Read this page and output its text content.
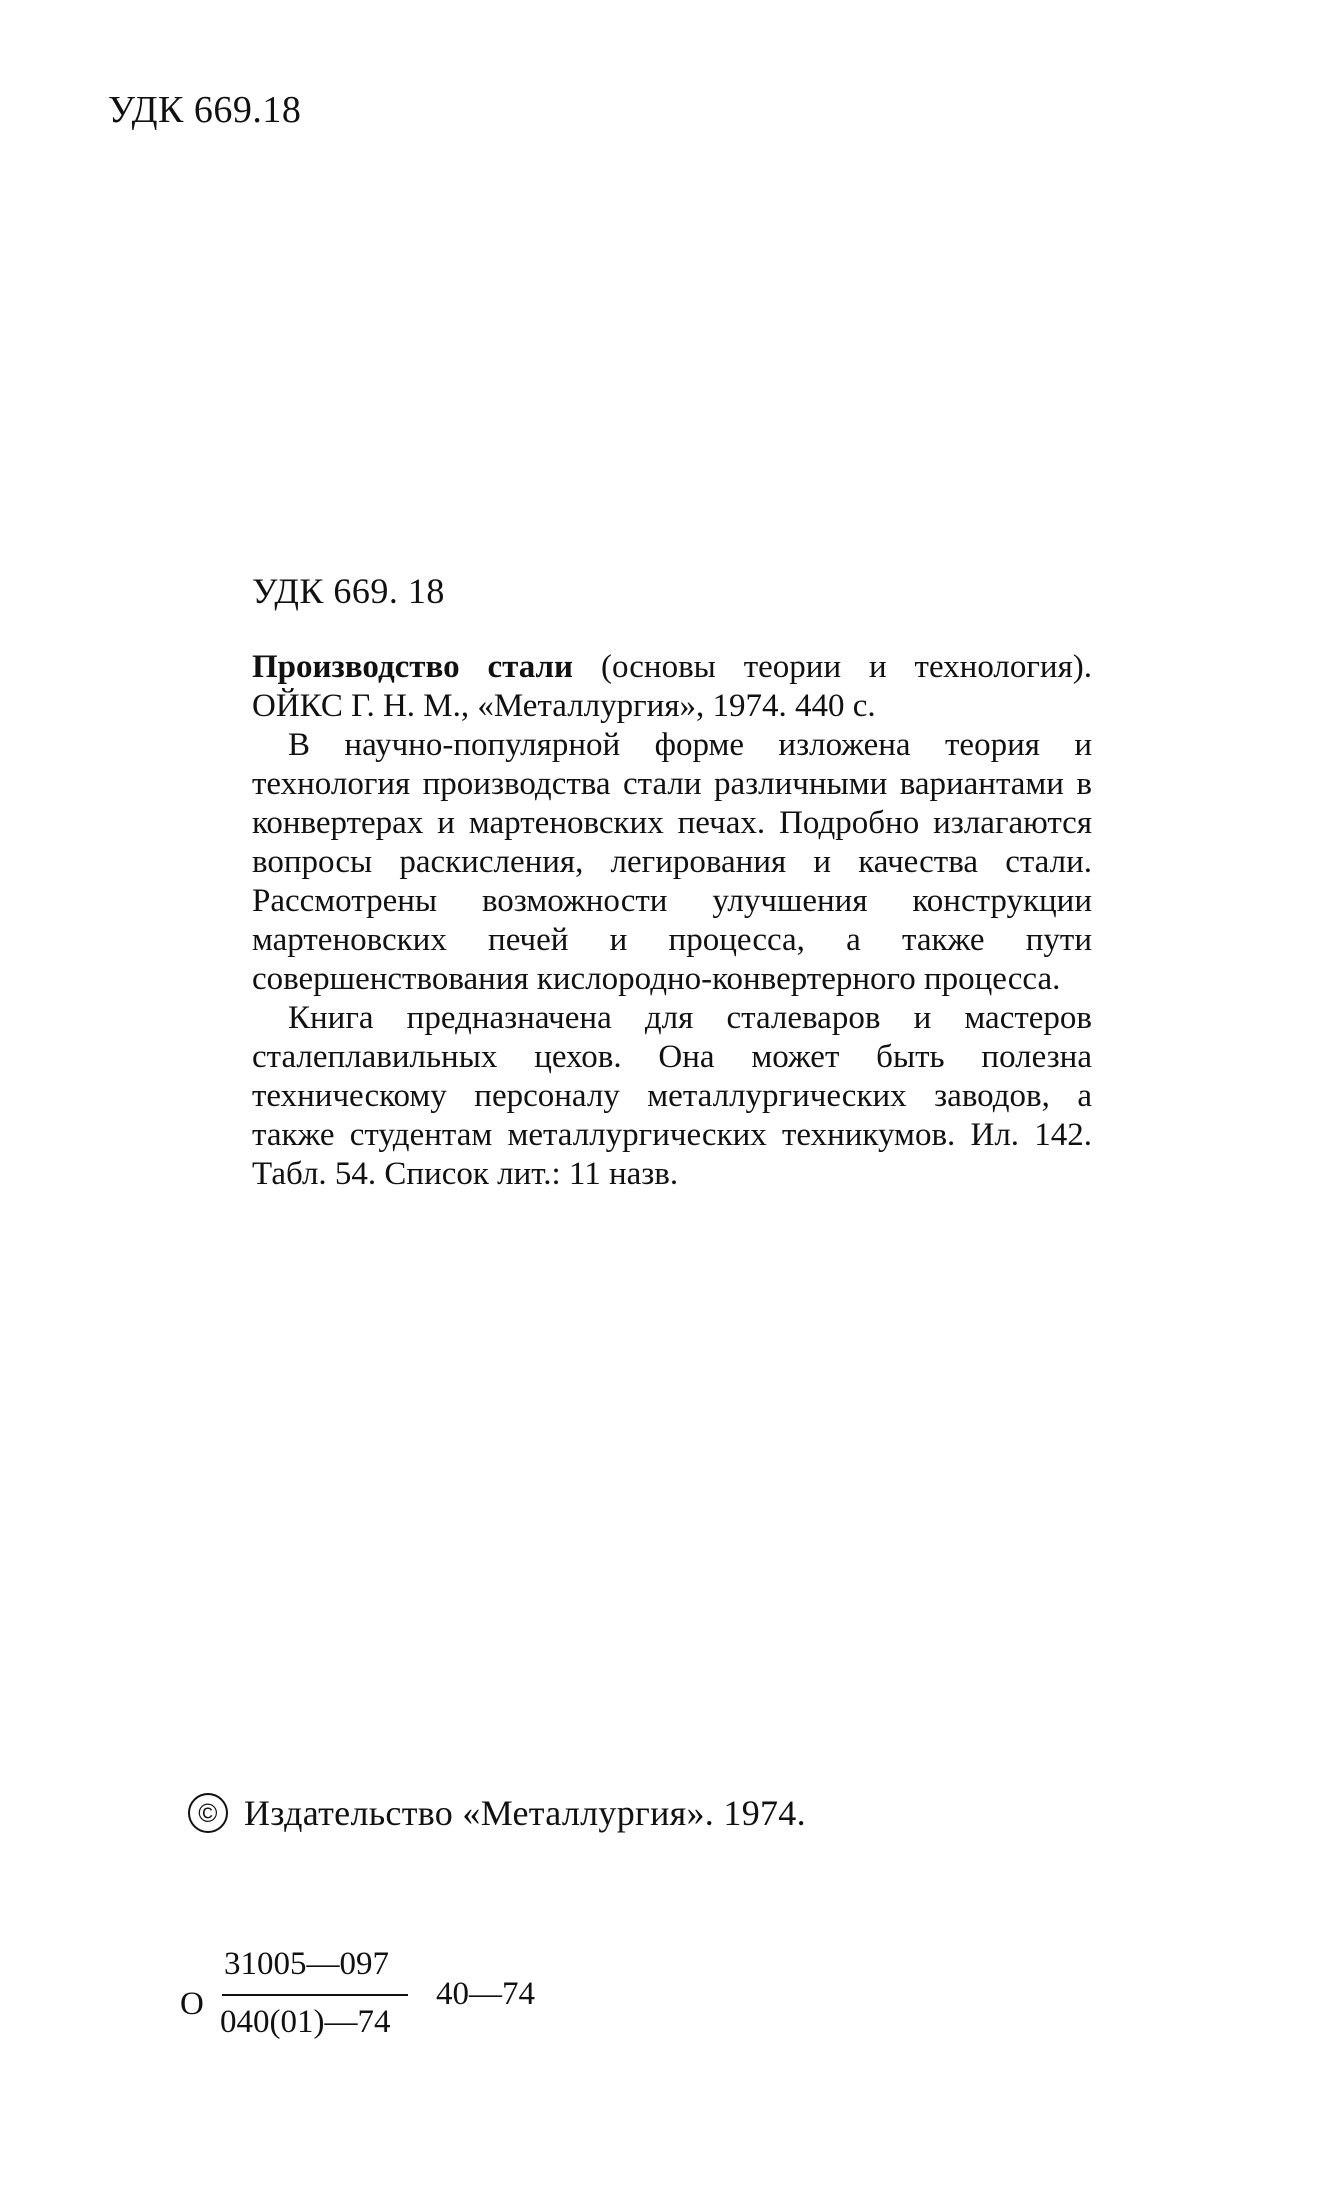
УДК 669.18
УДК 669. 18

Производство стали (основы теории и технология). ОЙКС Г. Н. М., «Металлургия», 1974. 440 с.

В научно-популярной форме изложена теория и технология производства стали различными вариантами в конвертерах и мартеновских печах. Подробно излагаются вопросы раскисления, легирования и качества стали. Рассмотрены возможности улучшения конструкции мартеновских печей и процесса, а также пути совершенствования кислородно-конвертерного процесса.

Книга предназначена для сталеваров и мастеров сталеплавильных цехов. Она может быть полезна техническому персоналу металлургических заводов, а также студентам металлургических техникумов. Ил. 142. Табл. 54. Список лит.: 11 назв.

© Издательство «Металлургия». 1974.
О
31005—097
040(01)—74
40—74
